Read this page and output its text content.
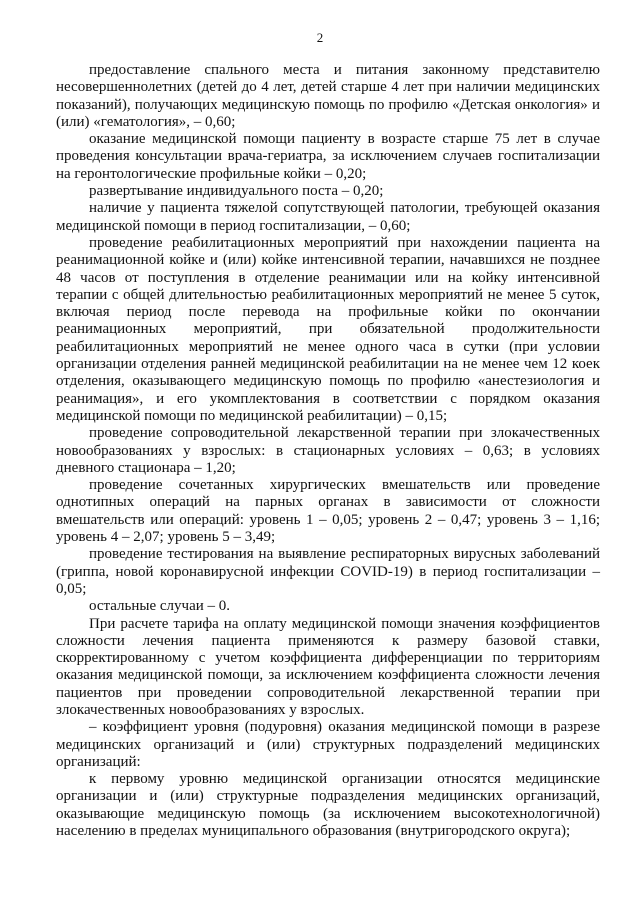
2

предоставление спального места и питания законному представителю несовершеннолетних (детей до 4 лет, детей старше 4 лет при наличии медицинских показаний), получающих медицинскую помощь по профилю «Детская онкология» и (или) «гематология», – 0,60;

оказание медицинской помощи пациенту в возрасте старше 75 лет в случае проведения консультации врача-гериатра, за исключением случаев госпитализации на геронтологические профильные койки – 0,20;

развертывание индивидуального поста – 0,20;

наличие у пациента тяжелой сопутствующей патологии, требующей оказания медицинской помощи в период госпитализации, – 0,60;

проведение реабилитационных мероприятий при нахождении пациента на реанимационной койке и (или) койке интенсивной терапии, начавшихся не позднее 48 часов от поступления в отделение реанимации или на койку интенсивной терапии с общей длительностью реабилитационных мероприятий не менее 5 суток, включая период после перевода на профильные койки по окончании реанимационных мероприятий, при обязательной продолжительности реабилитационных мероприятий не менее одного часа в сутки (при условии организации отделения ранней медицинской реабилитации на не менее чем 12 коек отделения, оказывающего медицинскую помощь по профилю «анестезиология и реанимация», и его укомплектования в соответствии с порядком оказания медицинской помощи по медицинской реабилитации) – 0,15;

проведение сопроводительной лекарственной терапии при злокачественных новообразованиях у взрослых: в стационарных условиях – 0,63; в условиях дневного стационара – 1,20;

проведение сочетанных хирургических вмешательств или проведение однотипных операций на парных органах в зависимости от сложности вмешательств или операций: уровень 1 – 0,05; уровень 2 – 0,47; уровень 3 – 1,16; уровень 4 – 2,07; уровень 5 – 3,49;

проведение тестирования на выявление респираторных вирусных заболеваний (гриппа, новой коронавирусной инфекции COVID-19) в период госпитализации – 0,05;

остальные случаи – 0.

При расчете тарифа на оплату медицинской помощи значения коэффициентов сложности лечения пациента применяются к размеру базовой ставки, скорректированному с учетом коэффициента дифференциации по территориям оказания медицинской помощи, за исключением коэффициента сложности лечения пациентов при проведении сопроводительной лекарственной терапии при злокачественных новообразованиях у взрослых.

– коэффициент уровня (подуровня) оказания медицинской помощи в разрезе медицинских организаций и (или) структурных подразделений медицинских организаций:

к первому уровню медицинской организации относятся медицинские организации и (или) структурные подразделения медицинских организаций, оказывающие медицинскую помощь (за исключением высокотехнологичной) населению в пределах муниципального образования (внутригородского округа);
